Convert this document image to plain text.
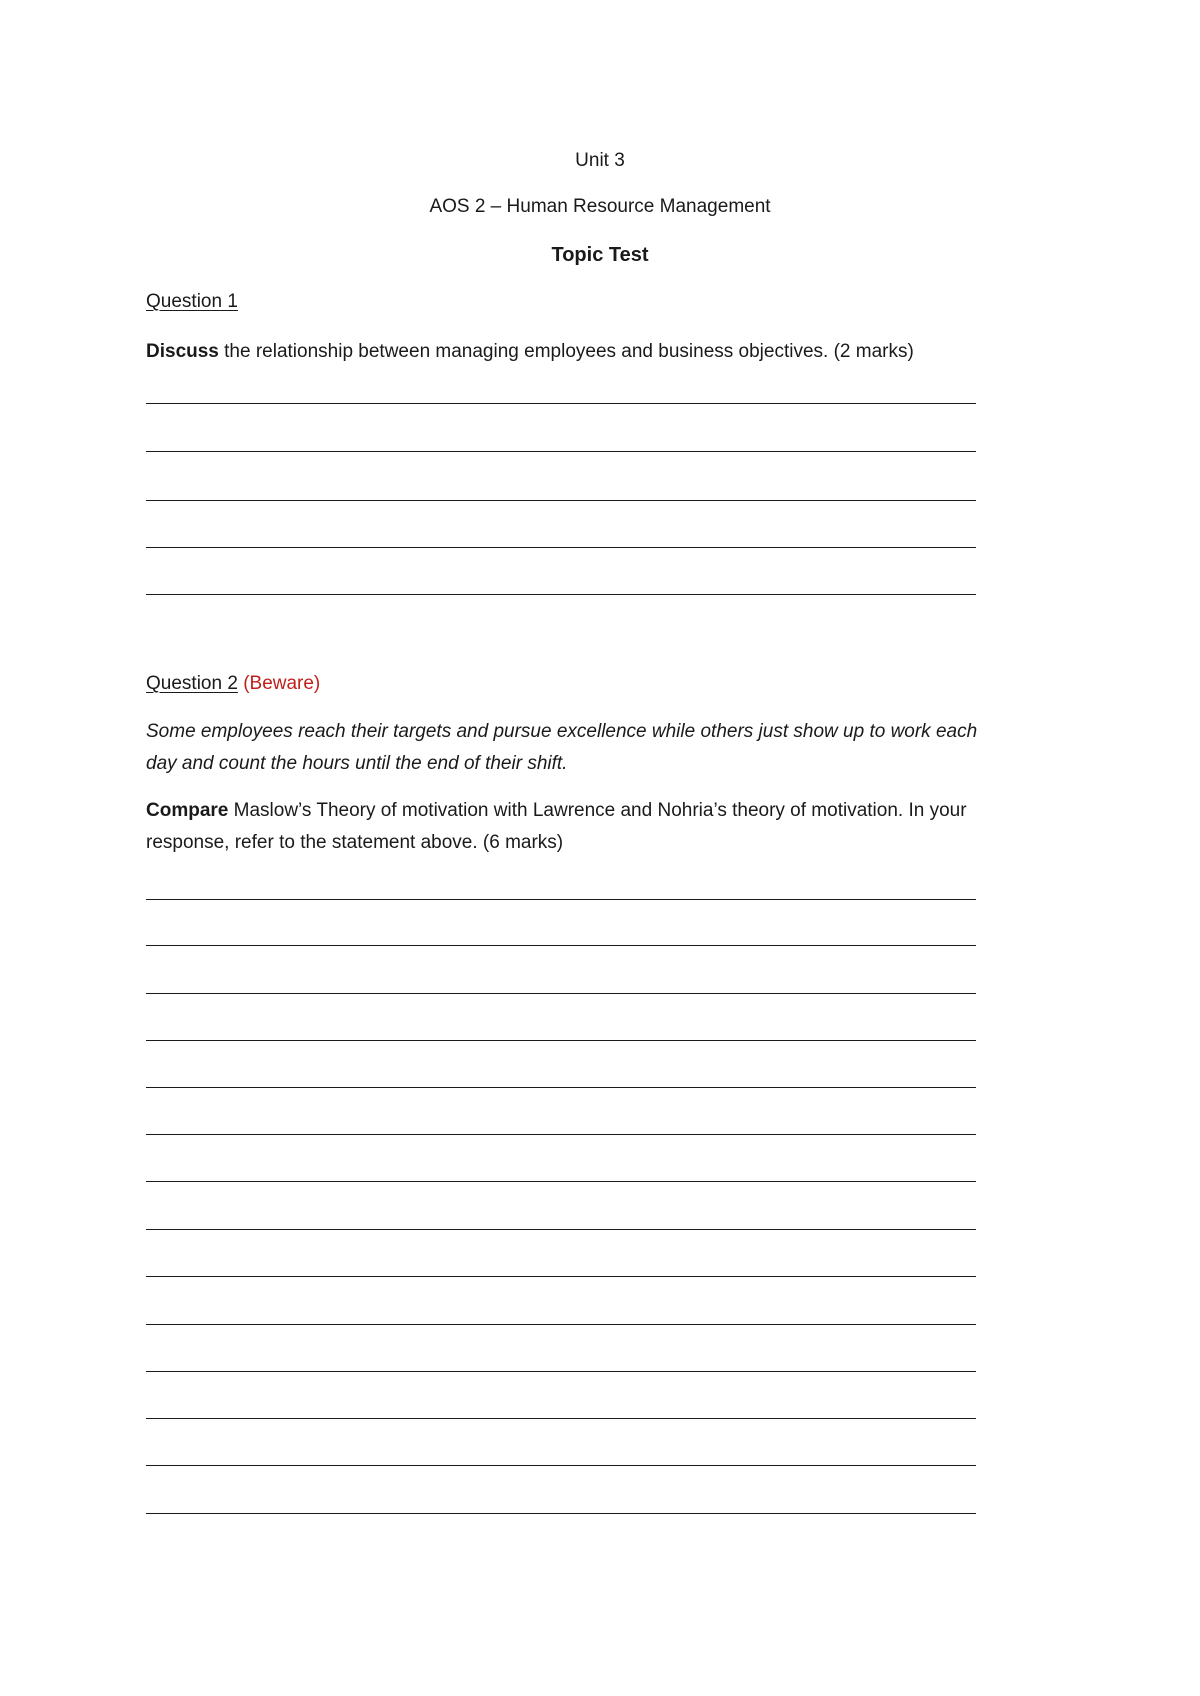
Unit 3
AOS 2 – Human Resource Management
Topic Test
Question 1
Discuss the relationship between managing employees and business objectives. (2 marks)
Question 2 (Beware)
Some employees reach their targets and pursue excellence while others just show up to work each
day and count the hours until the end of their shift.
Compare Maslow’s Theory of motivation with Lawrence and Nohria’s theory of motivation. In your
response, refer to the statement above. (6 marks)
